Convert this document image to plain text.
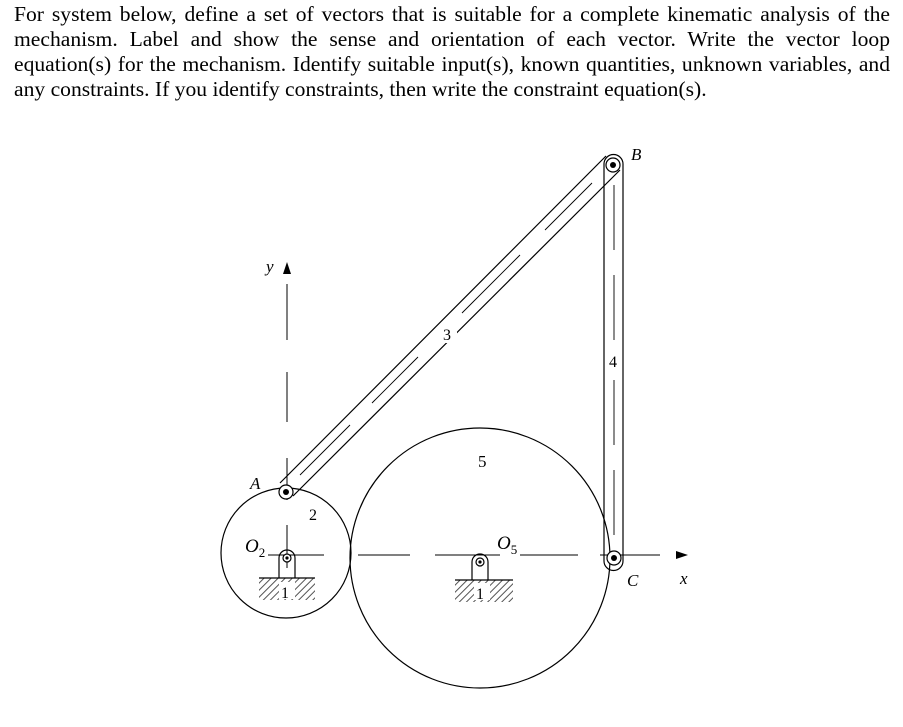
For system below, define a set of vectors that is suitable for a complete kinematic analysis of the mechanism. Label and show the sense and orientation of each vector. Write the vector loop equation(s) for the mechanism. Identify suitable input(s), known quantities, unknown variables, and any constraints. If you identify constraints, then write the constraint equation(s).

1	1
3
4
5
2
A
B
C
$O_2$	$O_5$
y
x
